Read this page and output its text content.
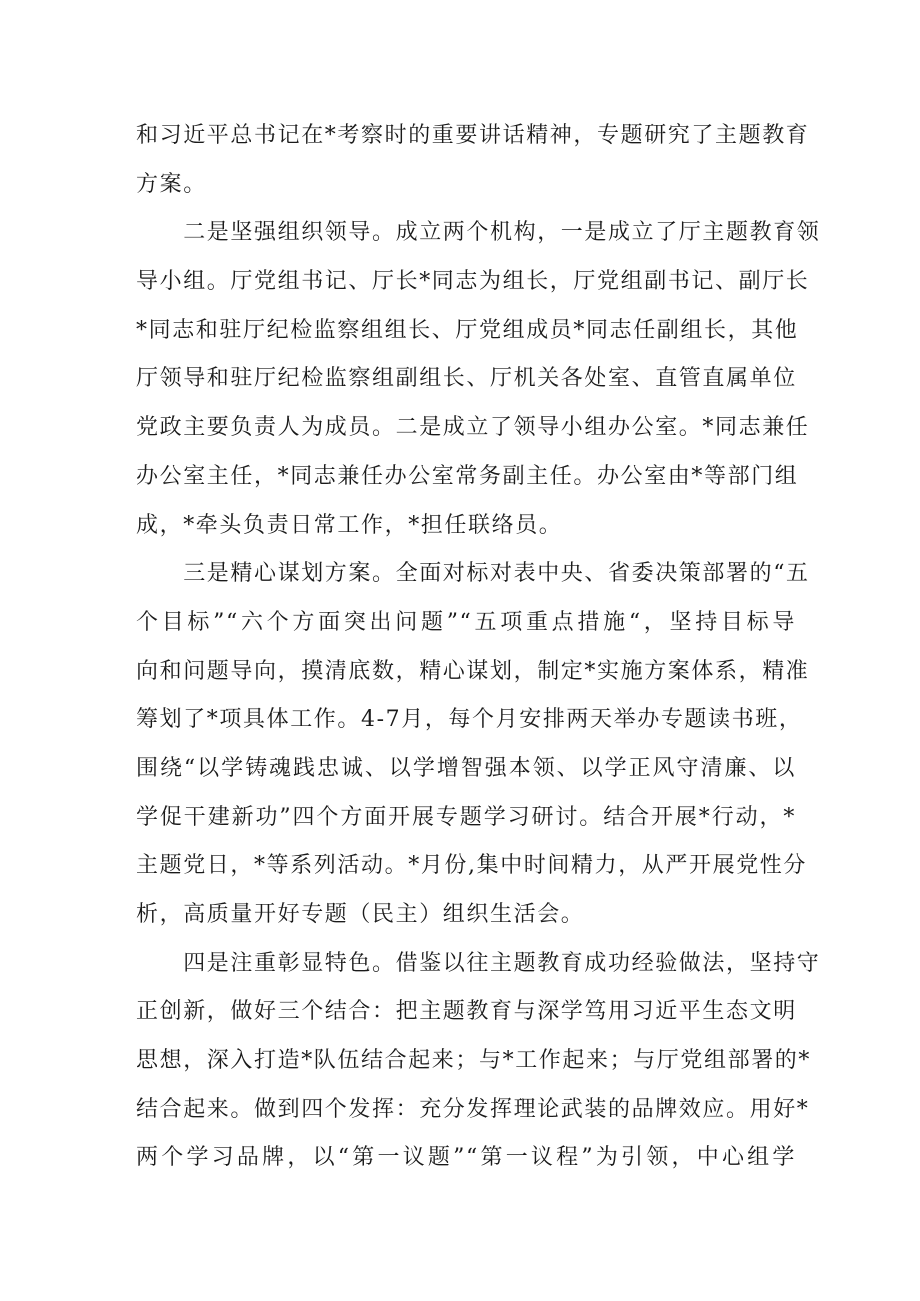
和习近平总书记在*考察时的重要讲话精神，专题研究了主题教育
方案。
　　二是坚强组织领导。成立两个机构，一是成立了厅主题教育领
导小组。厅党组书记、厅长*同志为组长，厅党组副书记、副厅长
*同志和驻厅纪检监察组组长、厅党组成员*同志任副组长，其他
厅领导和驻厅纪检监察组副组长、厅机关各处室、直管直属单位
党政主要负责人为成员。二是成立了领导小组办公室。*同志兼任
办公室主任，*同志兼任办公室常务副主任。办公室由*等部门组
成，*牵头负责日常工作，*担任联络员。
　　三是精心谋划方案。全面对标对表中央、省委决策部署的“五
个目标”“六个方面突出问题”“五项重点措施“，坚持目标导
向和问题导向，摸清底数，精心谋划，制定*实施方案体系，精准
筹划了*项具体工作。4-7月，每个月安排两天举办专题读书班，
围绕“以学铸魂践忠诚、以学增智强本领、以学正风守清廉、以
学促干建新功”四个方面开展专题学习研讨。结合开展*行动，*
主题党日，*等系列活动。*月份,集中时间精力，从严开展党性分
析，高质量开好专题（民主）组织生活会。
　　四是注重彰显特色。借鉴以往主题教育成功经验做法，坚持守
正创新，做好三个结合：把主题教育与深学笃用习近平生态文明
思想，深入打造*队伍结合起来；与*工作起来；与厅党组部署的*
结合起来。做到四个发挥：充分发挥理论武装的品牌效应。用好*
两个学习品牌，以“第一议题”“第一议程”为引领，中心组学
